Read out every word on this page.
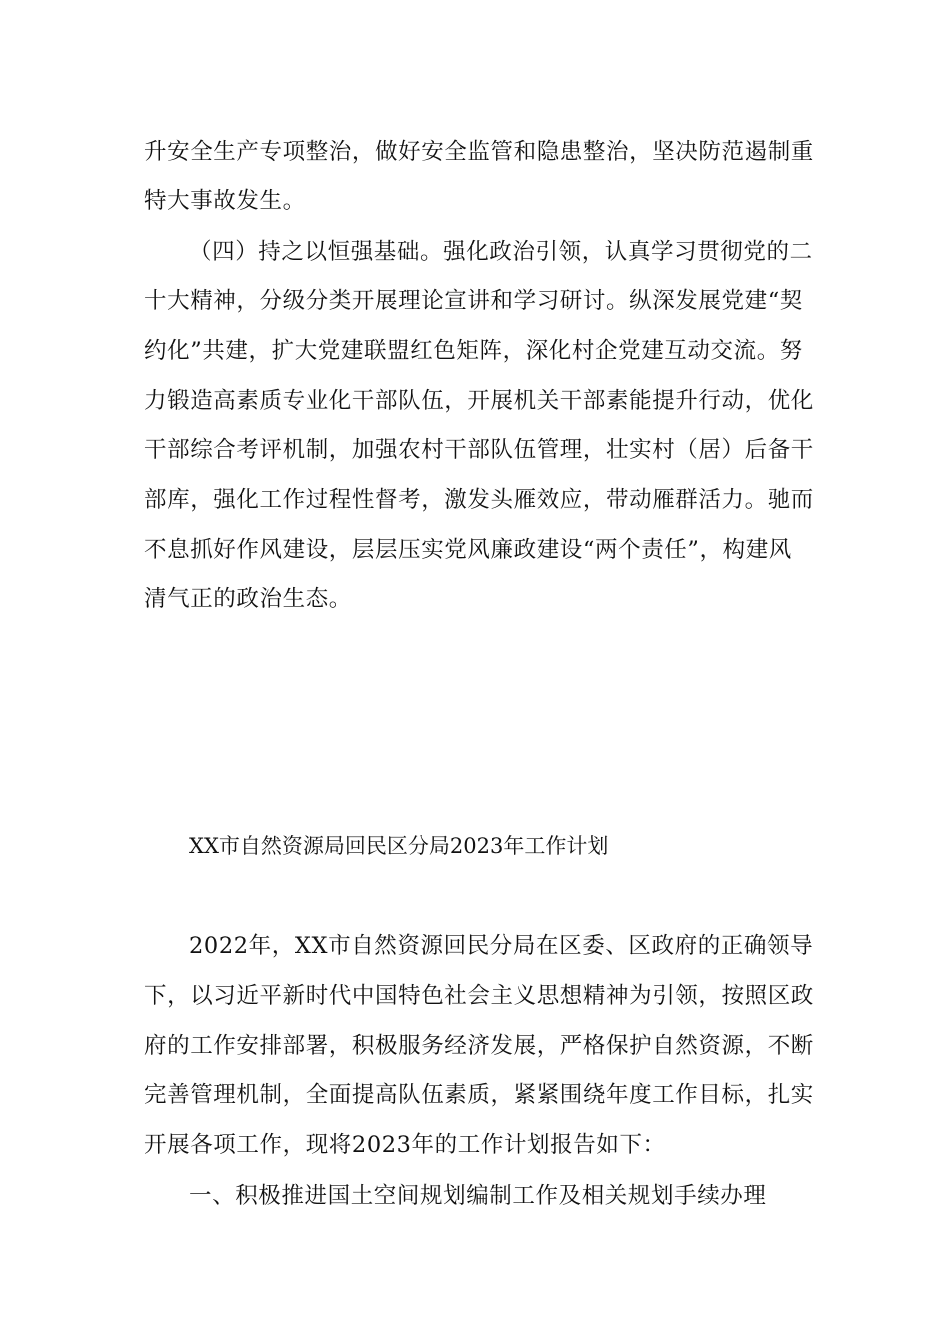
升安全生产专项整治，做好安全监管和隐患整治，坚决防范遏制重
特大事故发生。
（四）持之以恒强基础。强化政治引领，认真学习贯彻党的二
十大精神，分级分类开展理论宣讲和学习研讨。纵深发展党建“契
约化”共建，扩大党建联盟红色矩阵，深化村企党建互动交流。努
力锻造高素质专业化干部队伍，开展机关干部素能提升行动，优化
干部综合考评机制，加强农村干部队伍管理，壮实村（居）后备干
部库，强化工作过程性督考，激发头雁效应，带动雁群活力。驰而
不息抓好作风建设，层层压实党风廉政建设“两个责任”，构建风
清气正的政治生态。
XX市自然资源局回民区分局2023年工作计划
2022年，XX市自然资源回民分局在区委、区政府的正确领导
下，以习近平新时代中国特色社会主义思想精神为引领，按照区政
府的工作安排部署，积极服务经济发展，严格保护自然资源，不断
完善管理机制，全面提高队伍素质，紧紧围绕年度工作目标，扎实
开展各项工作，现将2023年的工作计划报告如下：
一、积极推进国土空间规划编制工作及相关规划手续办理
